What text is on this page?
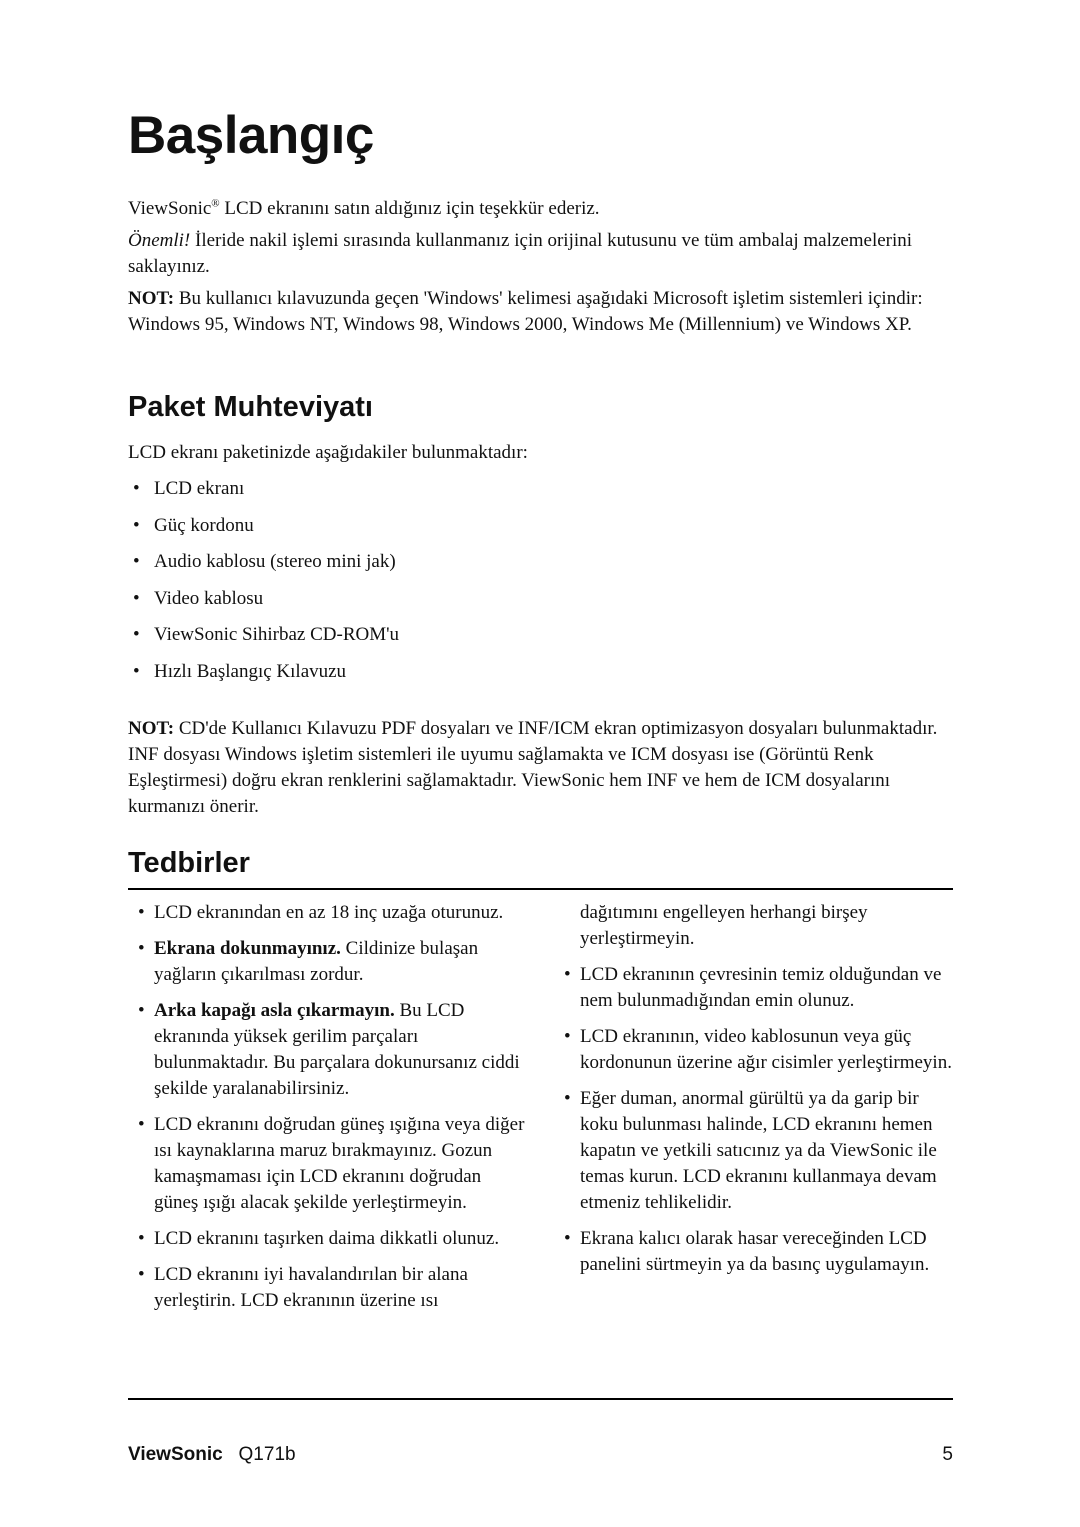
Başlangıç

ViewSonic® LCD ekranını satın aldığınız için teşekkür ederiz.

Önemli! İleride nakil işlemi sırasında kullanmanız için orijinal kutusunu ve tüm ambalaj malzemelerini saklayınız.

NOT: Bu kullanıcı kılavuzunda geçen 'Windows' kelimesi aşağıdaki Microsoft işletim sistemleri içindir: Windows 95, Windows NT, Windows 98, Windows 2000, Windows Me (Millennium) ve Windows XP.

Paket Muhteviyatı

LCD ekranı paketinizde aşağıdakiler bulunmaktadır:

• LCD ekranı
• Güç kordonu
• Audio kablosu (stereo mini jak)
• Video kablosu
• ViewSonic Sihirbaz CD-ROM'u
• Hızlı Başlangıç Kılavuzu

NOT: CD'de Kullanıcı Kılavuzu PDF dosyaları ve INF/ICM ekran optimizasyon dosyaları bulunmaktadır. INF dosyası Windows işletim sistemleri ile uyumu sağlamakta ve ICM dosyası ise (Görüntü Renk Eşleştirmesi) doğru ekran renklerini sağlamaktadır. ViewSonic hem INF ve hem de ICM dosyalarını kurmanızı önerir.

Tedbirler
• LCD ekranından en az 18 inç uzağa oturunuz.
• Ekrana dokunmayınız. Cildinize bulaşan yağların çıkarılması zordur.
• Arka kapağı asla çıkarmayın. Bu LCD ekranında yüksek gerilim parçaları bulunmaktadır. Bu parçalara dokunursanız ciddi şekilde yaralanabilirsiniz.
• LCD ekranını doğrudan güneş ışığına veya diğer ısı kaynaklarına maruz bırakmayınız. Gozun kamaşmaması için LCD ekranını doğrudan güneş ışığı alacak şekilde yerleştirmeyin.
• LCD ekranını taşırken daima dikkatli olunuz.
• LCD ekranını iyi havalandırılan bir alana yerleştirin. LCD ekranının üzerine ısı
dağıtımını engelleyen herhangi birşey yerleştirmeyin.
• LCD ekranının çevresinin temiz olduğundan ve nem bulunmadığından emin olunuz.
• LCD ekranının, video kablosunun veya güç kordonunun üzerine ağır cisimler yerleştirmeyin.
• Eğer duman, anormal gürültü ya da garip bir koku bulunması halinde, LCD ekranını hemen kapatın ve yetkili satıcınız ya da ViewSonic ile temas kurun. LCD ekranını kullanmaya devam etmeniz tehlikelidir.
• Ekrana kalıcı olarak hasar vereceğinden LCD panelini sürtmeyin ya da basınç uygulamayın.
ViewSonic Q171b	5
